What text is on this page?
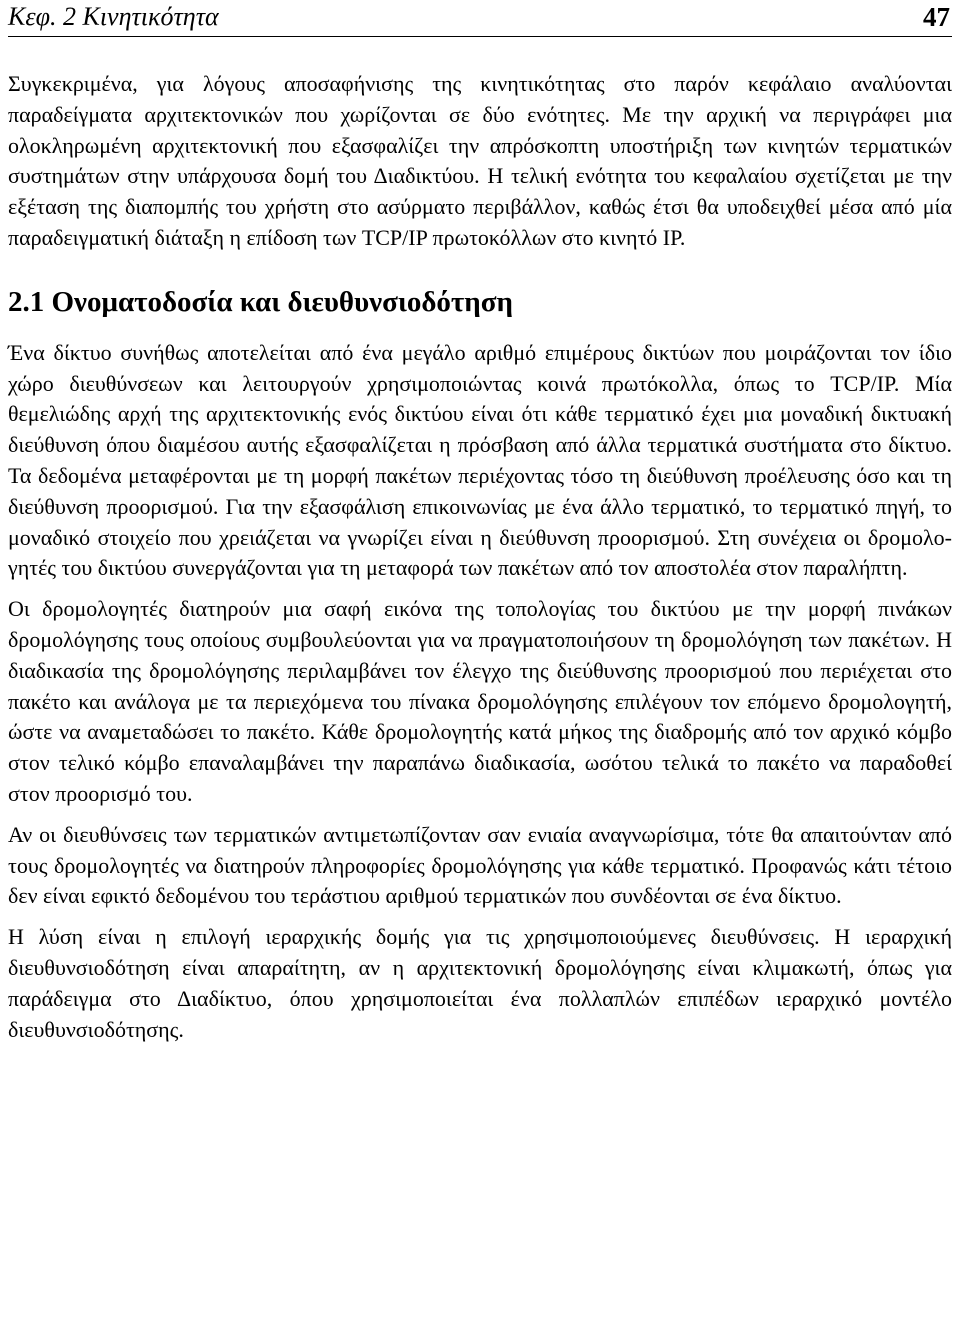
Κεφ. 2 Κινητικότητα	47

Συγκεκριμένα, για λόγους αποσαφήνισης της κινητικότητας στο παρόν κεφάλαιο αναλύονται παραδείγματα αρχιτεκτονικών που χωρίζονται σε δύο ενότητες. Με την αρχική να περιγράφει μια ολοκληρωμένη αρχιτεκτονική που εξασφαλίζει την απρόσκοπτη υποστήριξη των κινητών τερματικών συστημάτων στην υπάρχουσα δομή του Διαδικτύου. Η τελική ενότητα του κεφαλαίου σχετίζεται με την εξέταση της διαπομπής του χρήστη στο ασύρματο περιβάλλον, καθώς έτσι θα υποδειχθεί μέσα από μία παραδειγματική διάταξη η επίδοση των TCP/IP πρωτοκόλλων στο κινητό IP.

2.1 Ονοματοδοσία και διευθυνσιοδότηση

Ένα δίκτυο συνήθως αποτελείται από ένα μεγάλο αριθμό επιμέρους δικτύων που μοιράζονται τον ίδιο χώρο διευθύνσεων και λειτουργούν χρησιμοποιώντας κοινά πρωτόκολλα, όπως το TCP/IP. Μία θεμελιώδης αρχή της αρχιτεκτονικής ενός δικτύου είναι ότι κάθε τερματικό έχει μια μοναδική δικτυακή διεύθυνση όπου διαμέσου αυτής εξασφαλίζεται η πρόσβαση από άλλα τερματικά συστήματα στο δίκτυο. Τα δεδομένα μεταφέρονται με τη μορφή πακέτων περιέχοντας τόσο τη διεύθυνση προέλευσης όσο και τη διεύθυνση προορισμού. Για την εξασφάλιση επικοινωνίας με ένα άλλο τερματικό, το τερματικό πηγή, το μοναδικό στοιχείο που χρειάζεται να γνωρίζει είναι η διεύθυνση προορισμού. Στη συνέχεια οι δρομολογητές του δικτύου συνεργάζονται για τη μεταφορά των πακέτων από τον αποστολέα στον παραλήπτη.

Οι δρομολογητές διατηρούν μια σαφή εικόνα της τοπολογίας του δικτύου με την μορφή πινάκων δρομολόγησης τους οποίους συμβουλεύονται για να πραγματοποιήσουν τη δρομολόγηση των πακέτων. Η διαδικασία της δρομολόγησης περιλαμβάνει τον έλεγχο της διεύθυνσης προορισμού που περιέχεται στο πακέτο και ανάλογα με τα περιεχόμενα του πίνακα δρομολόγησης επιλέγουν τον επόμενο δρομολογητή, ώστε να αναμεταδώσει το πακέτο. Κάθε δρομολογητής κατά μήκος της διαδρομής από τον αρχικό κόμβο στον τελικό κόμβο επαναλαμβάνει την παραπάνω διαδικασία, ωσότου τελικά το πακέτο να παραδοθεί στον προορισμό του.

Αν οι διευθύνσεις των τερματικών αντιμετωπίζονταν σαν ενιαία αναγνωρίσιμα, τότε θα απαιτούνταν από τους δρομολογητές να διατηρούν πληροφορίες δρομολόγησης για κάθε τερματικό. Προφανώς κάτι τέτοιο δεν είναι εφικτό δεδομένου του τεράστιου αριθμού τερματικών που συνδέονται σε ένα δίκτυο.

Η λύση είναι η επιλογή ιεραρχικής δομής για τις χρησιμοποιούμενες διευθύνσεις. Η ιεραρχική διευθυνσιοδότηση είναι απαραίτητη, αν η αρχιτεκτονική δρομολόγησης είναι κλιμακωτή, όπως για παράδειγμα στο Διαδίκτυο, όπου χρησιμοποιείται ένα πολλαπλών επιπέδων ιεραρχικό μοντέλο διευθυνσιοδότησης.
